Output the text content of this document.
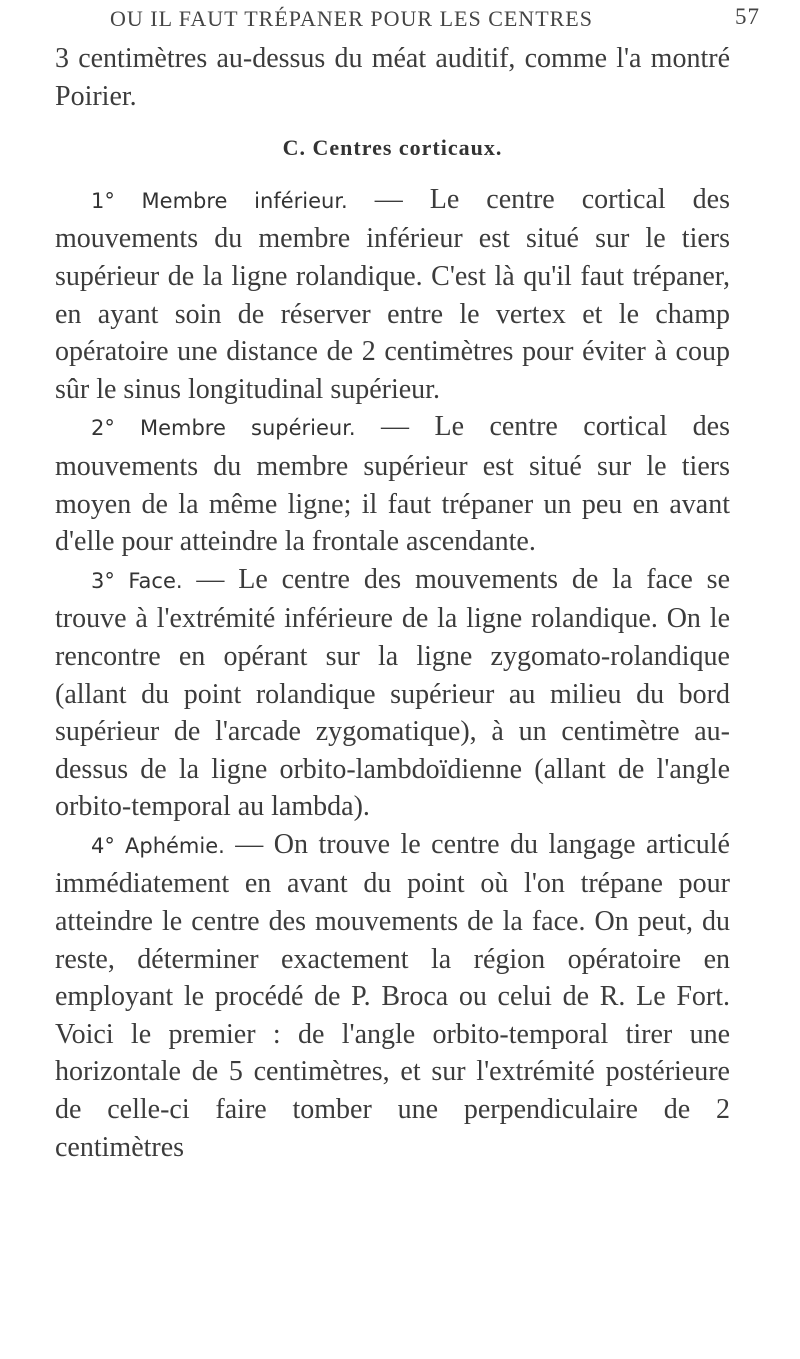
OU IL FAUT TRÉPANER POUR LES CENTRES	57

3 centimètres au-dessus du méat auditif, comme l'a montré Poirier.

C. Centres corticaux.

1° Membre inférieur. — Le centre cortical des mouvements du membre inférieur est situé sur le tiers supérieur de la ligne rolandique. C'est là qu'il faut trépaner, en ayant soin de réserver entre le vertex et le champ opératoire une distance de 2 centimètres pour éviter à coup sûr le sinus longitudinal supérieur.

2° Membre supérieur. — Le centre cortical des mouvements du membre supérieur est situé sur le tiers moyen de la même ligne; il faut trépaner un peu en avant d'elle pour atteindre la frontale ascendante.

3° Face. — Le centre des mouvements de la face se trouve à l'extrémité inférieure de la ligne rolandique. On le rencontre en opérant sur la ligne zygomato-rolandique (allant du point rolandique supérieur au milieu du bord supérieur de l'arcade zygomatique), à un centimètre au-dessus de la ligne orbito-lambdoïdienne (allant de l'angle orbito-temporal au lambda).

4° Aphémie. — On trouve le centre du langage articulé immédiatement en avant du point où l'on trépane pour atteindre le centre des mouvements de la face. On peut, du reste, déterminer exactement la région opératoire en employant le procédé de P. Broca ou celui de R. Le Fort. Voici le premier : de l'angle orbito-temporal tirer une horizontale de 5 centimètres, et sur l'extrémité postérieure de celle-ci faire tomber une perpendiculaire de 2 centimètres
